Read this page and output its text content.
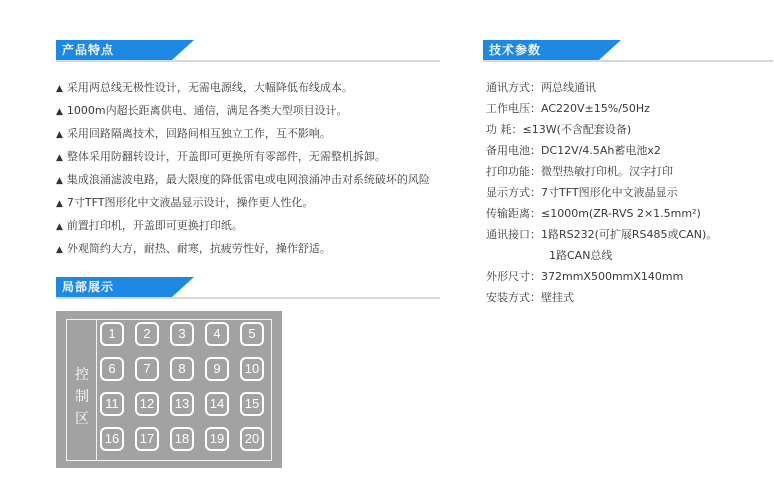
产品特点
▲ 采用两总线无极性设计，无需电源线，大幅降低布线成本。
▲ 1000m内超长距离供电、通信，满足各类大型项目设计。
▲ 采用回路隔离技术，回路间相互独立工作，互不影响。
▲ 整体采用防翻转设计，开盖即可更换所有零部件，无需整机拆卸。
▲ 集成浪涌滤波电路，最大限度的降低雷电或电网浪涌冲击对系统破坏的风险
▲ 7寸TFT图形化中文液晶显示设计，操作更人性化。
▲ 前置打印机，开盖即可更换打印纸。
▲ 外观简约大方，耐热、耐寒，抗疲劳性好，操作舒适。
技术参数
通讯方式：两总线通讯
工作电压：AC220V±15%/50Hz
功 耗：≤13W(不含配套设备)
备用电池：DC12V/4.5Ah蓄电池x2
打印功能：微型热敏打印机。汉字打印
显示方式：7寸TFT图形化中文液晶显示
传输距离：≤1000m(ZR-RVS 2×1.5mm²)
通讯接口：1路RS232(可扩展RS485或CAN)。
1路CAN总线
外形尺寸：372mmX500mmX140mm
安装方式：壁挂式
局部展示
控
制
区
1	2	3	4	5
6	7	8	9	10
11	12	13	14	15
16	17	18	19	20
